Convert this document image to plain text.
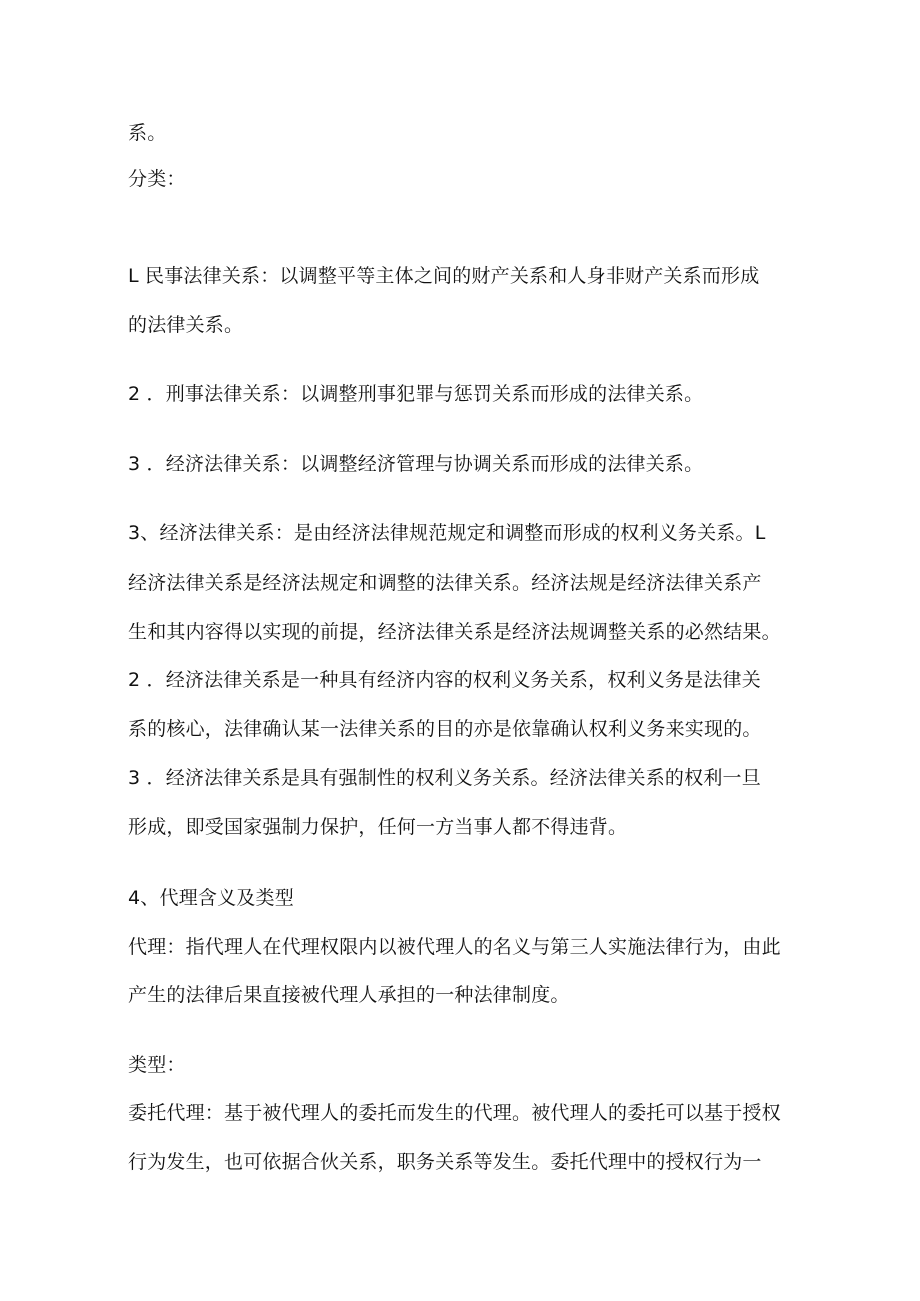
系。
分类：
L 民事法律关系：以调整平等主体之间的财产关系和人身非财产关系而形成
的法律关系。
2 ．刑事法律关系：以调整刑事犯罪与惩罚关系而形成的法律关系。
3 ．经济法律关系：以调整经济管理与协调关系而形成的法律关系。
3、经济法律关系：是由经济法律规范规定和调整而形成的权利义务关系。L
经济法律关系是经济法规定和调整的法律关系。经济法规是经济法律关系产
生和其内容得以实现的前提，经济法律关系是经济法规调整关系的必然结果。
2 ．经济法律关系是一种具有经济内容的权利义务关系，权利义务是法律关
系的核心，法律确认某一法律关系的目的亦是依靠确认权利义务来实现的。
3 ．经济法律关系是具有强制性的权利义务关系。经济法律关系的权利一旦
形成，即受国家强制力保护，任何一方当事人都不得违背。
4、代理含义及类型
代理：指代理人在代理权限内以被代理人的名义与第三人实施法律行为，由此
产生的法律后果直接被代理人承担的一种法律制度。
类型：
委托代理：基于被代理人的委托而发生的代理。被代理人的委托可以基于授权
行为发生，也可依据合伙关系，职务关系等发生。委托代理中的授权行为一
